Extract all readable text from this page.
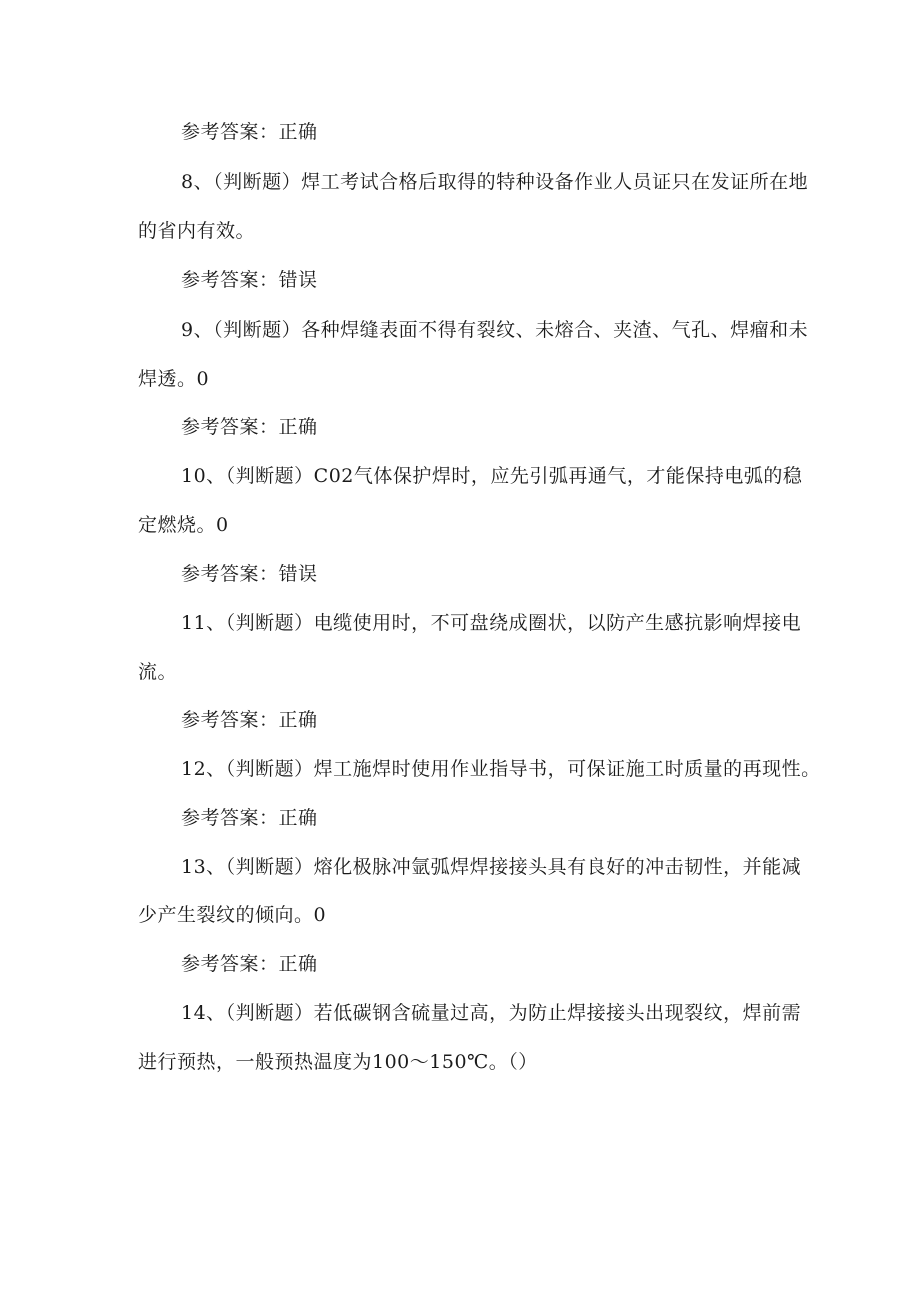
参考答案：正确
8、（判断题）焊工考试合格后取得的特种设备作业人员证只在发证所在地
的省内有效。
参考答案：错误
9、（判断题）各种焊缝表面不得有裂纹、未熔合、夹渣、气孔、焊瘤和未
焊透。0
参考答案：正确
10、（判断题）C02气体保护焊时，应先引弧再通气，才能保持电弧的稳
定燃烧。0
参考答案：错误
11、（判断题）电缆使用时，不可盘绕成圈状，以防产生感抗影响焊接电
流。
参考答案：正确
12、（判断题）焊工施焊时使用作业指导书，可保证施工时质量的再现性。
参考答案：正确
13、（判断题）熔化极脉冲氩弧焊焊接接头具有良好的冲击韧性，并能减
少产生裂纹的倾向。0
参考答案：正确
14、（判断题）若低碳钢含硫量过高，为防止焊接接头出现裂纹，焊前需
进行预热，一般预热温度为100～150℃。（）
